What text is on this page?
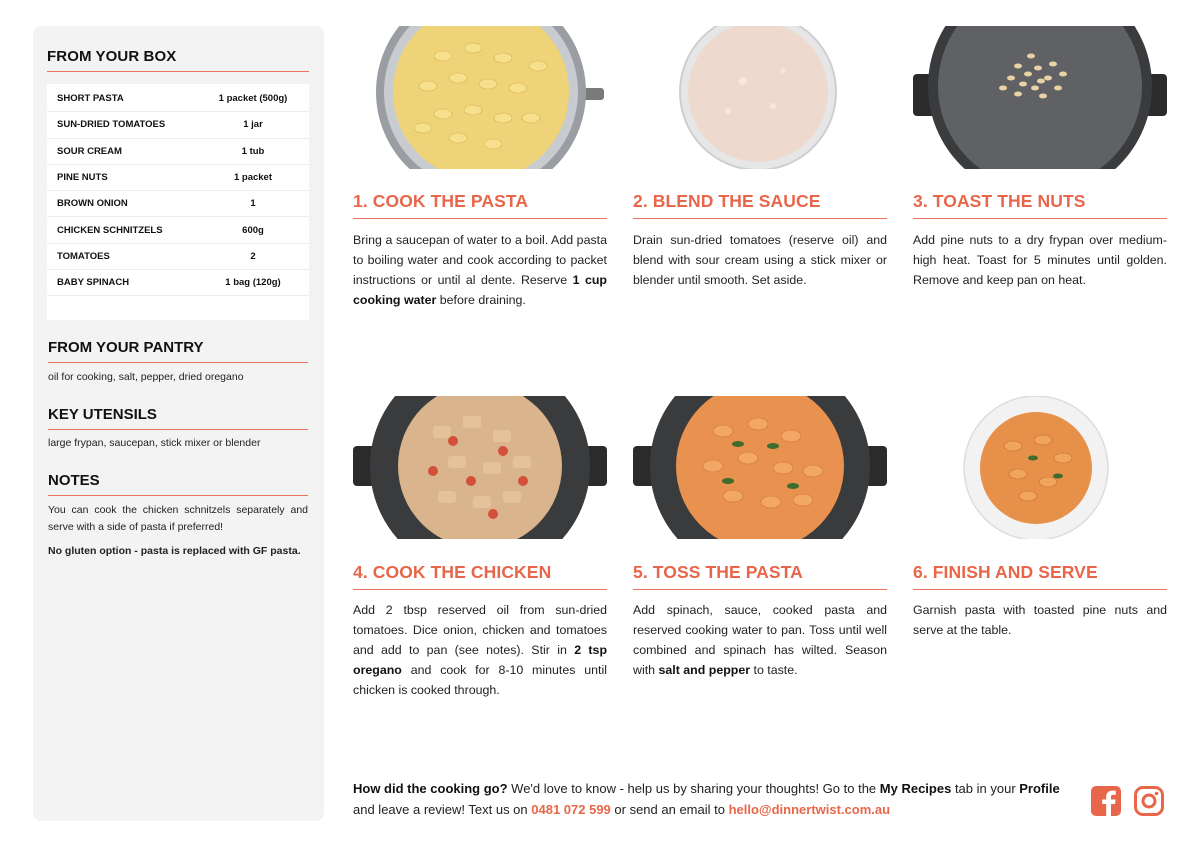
FROM YOUR BOX
SHORT PASTA	1 packet (500g)
SUN-DRIED TOMATOES	1 jar
SOUR CREAM	1 tub
PINE NUTS	1 packet
BROWN ONION	1
CHICKEN SCHNITZELS	600g
TOMATOES	2
BABY SPINACH	1 bag (120g)
FROM YOUR PANTRY
oil for cooking, salt, pepper, dried oregano
KEY UTENSILS
large frypan, saucepan, stick mixer or blender
NOTES
You can cook the chicken schnitzels separately and serve with a side of pasta if preferred!
No gluten option - pasta is replaced with GF pasta.
1. COOK THE PASTA
Bring a saucepan of water to a boil. Add pasta to boiling water and cook according to packet instructions or until al dente. Reserve 1 cup cooking water before draining.
2. BLEND THE SAUCE
Drain sun-dried tomatoes (reserve oil) and blend with sour cream using a stick mixer or blender until smooth. Set aside.
3. TOAST THE NUTS
Add pine nuts to a dry frypan over medium-high heat. Toast for 5 minutes until golden. Remove and keep pan on heat.
4. COOK THE CHICKEN
Add 2 tbsp reserved oil from sun-dried tomatoes. Dice onion, chicken and tomatoes and add to pan (see notes). Stir in 2 tsp oregano and cook for 8-10 minutes until chicken is cooked through.
5. TOSS THE PASTA
Add spinach, sauce, cooked pasta and reserved cooking water to pan. Toss until well combined and spinach has wilted. Season with salt and pepper to taste.
6. FINISH AND SERVE
Garnish pasta with toasted pine nuts and serve at the table.
How did the cooking go? We'd love to know - help us by sharing your thoughts! Go to the My Recipes tab in your Profile and leave a review! Text us on 0481 072 599 or send an email to hello@dinnertwist.com.au
